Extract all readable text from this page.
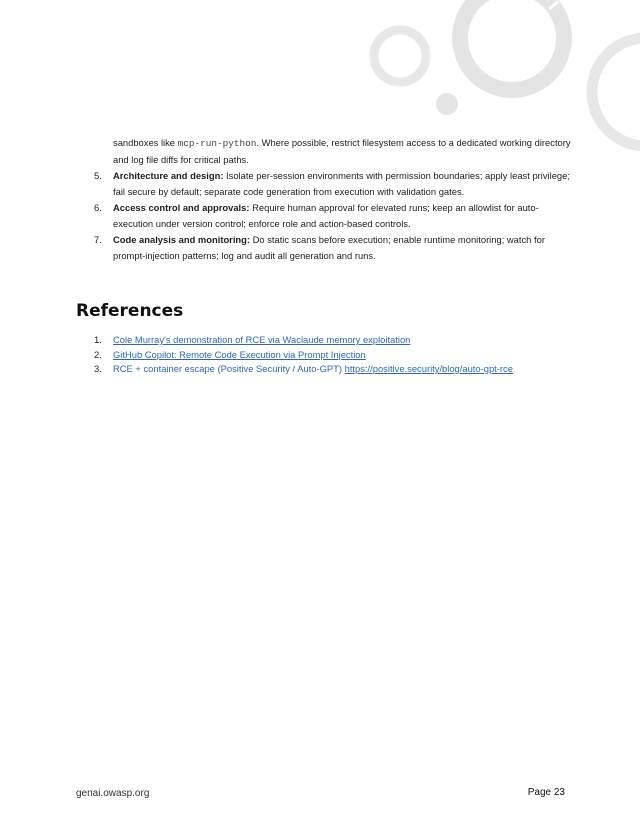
sandboxes like mcp-run-python. Where possible, restrict filesystem access to a dedicated working directory and log file diffs for critical paths.

5. Architecture and design: Isolate per-session environments with permission boundaries; apply least privilege; fail secure by default; separate code generation from execution with validation gates.
6. Access control and approvals: Require human approval for elevated runs; keep an allowlist for auto-execution under version control; enforce role and action-based controls.
7. Code analysis and monitoring: Do static scans before execution; enable runtime monitoring; watch for prompt-injection patterns; log and audit all generation and runs.
References
1. Cole Murray's demonstration of RCE via Waclaude memory exploitation
2. GitHub Copilot: Remote Code Execution via Prompt Injection
3. RCE + container escape (Positive Security / Auto-GPT) https://positive.security/blog/auto-gpt-rce
genai.owasp.org	Page 23
